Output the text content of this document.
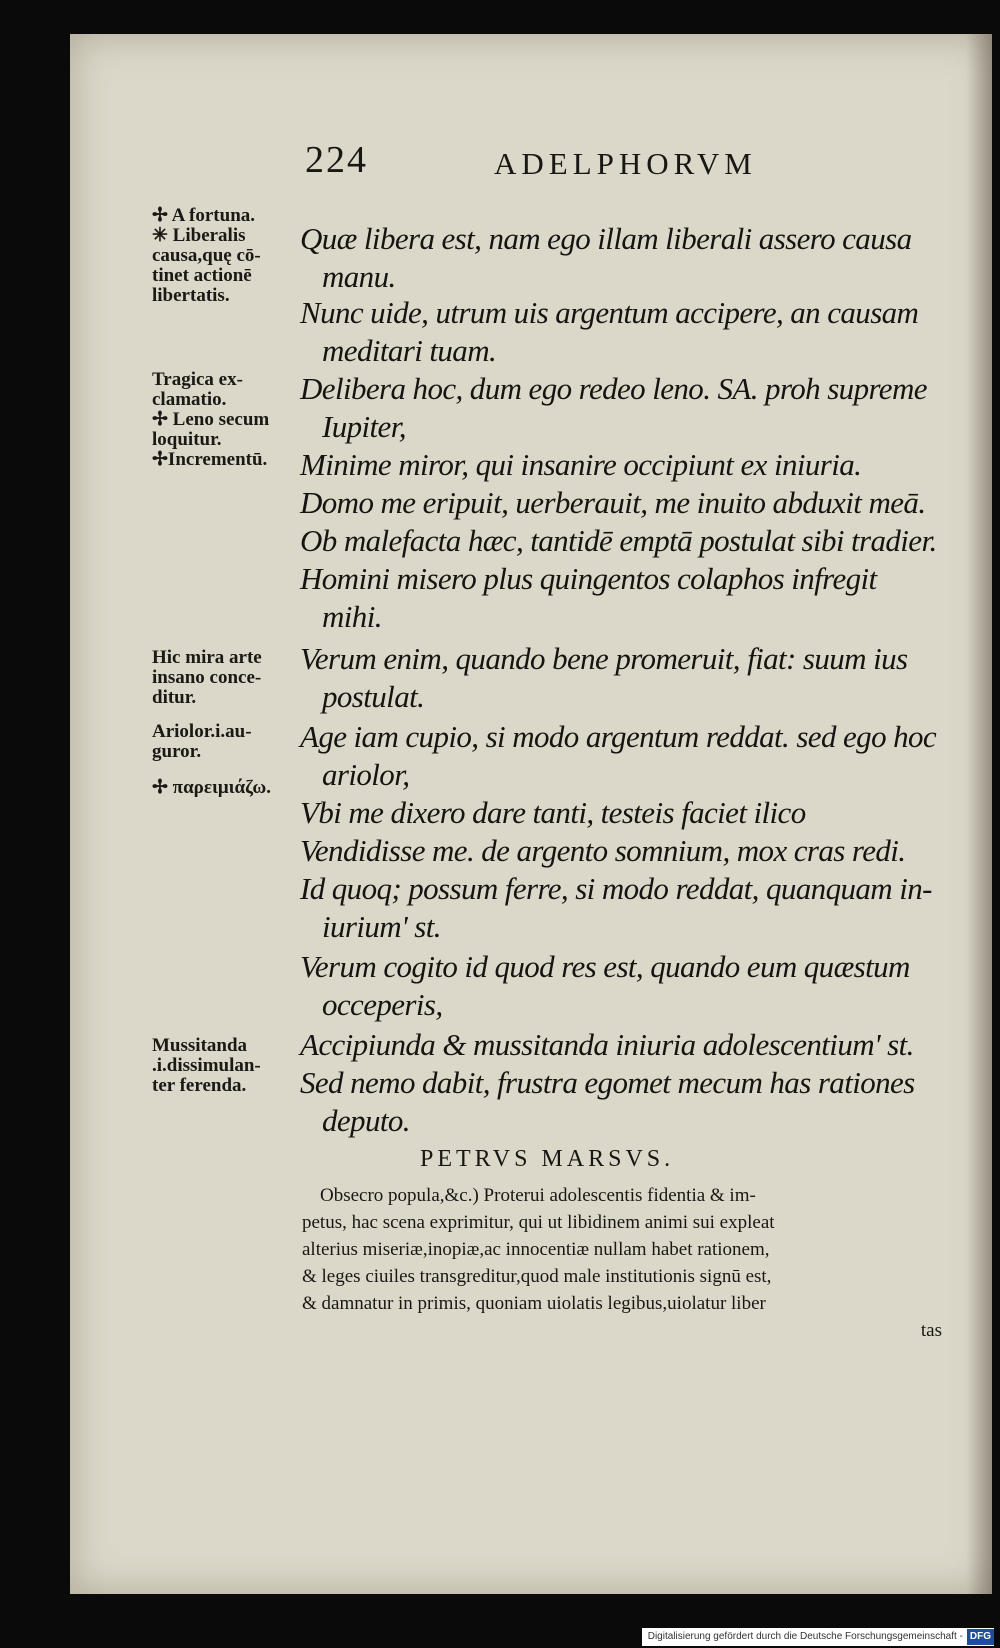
224	ADELPHORVM
✢ A fortuna.
✳ Liberalis
causa,quę cō-
tinet actionē
libertatis.
Tragica ex-
clamatio.
✢ Leno secum
loquitur.
✢Incrementū.
Hic mira arte
insano conce-
ditur.
Ariolor.i.au-
guror.
✢ παρειμιάζω.
Mussitanda
.i.dissimulan-
ter ferenda.
Quæ libera est, nam ego illam liberali assero causa
manu.
Nunc uide, utrum uis argentum accipere, an causam
meditari tuam.
Delibera hoc, dum ego redeo leno. SA. proh supreme
Iupiter,
Minime miror, qui insanire occipiunt ex iniuria.
Domo me eripuit, uerberauit, me inuito abduxit meā.
Ob malefacta hæc, tantidē emptā postulat sibi tradier.
Homini misero plus quingentos colaphos infregit
mihi.
Verum enim, quando bene promeruit, fiat: suum ius
postulat.
Age iam cupio, si modo argentum reddat. sed ego hoc
ariolor,
Vbi me dixero dare tanti, testeis faciet ilico
Vendidisse me. de argento somnium, mox cras redi.
Id quoq; possum ferre, si modo reddat, quanquam in-
iurium' st.
Verum cogito id quod res est, quando eum quæstum
occeperis,
Accipiunda & mussitanda iniuria adolescentium' st.
Sed nemo dabit, frustra egomet mecum has rationes
deputo.
PETRVS MARSVS.
Obsecro popula,&c.) Proterui adolescentis fidentia & im-
petus, hac scena exprimitur, qui ut libidinem animi sui expleat
alterius miseriæ,inopiæ,ac innocentiæ nullam habet rationem,
& leges ciuiles transgreditur,quod male institutionis signū est,
& damnatur in primis, quoniam uiolatis legibus,uiolatur liber
tas
Digitalisierung gefördert durch die Deutsche Forschungsgemeinschaft - DFG
